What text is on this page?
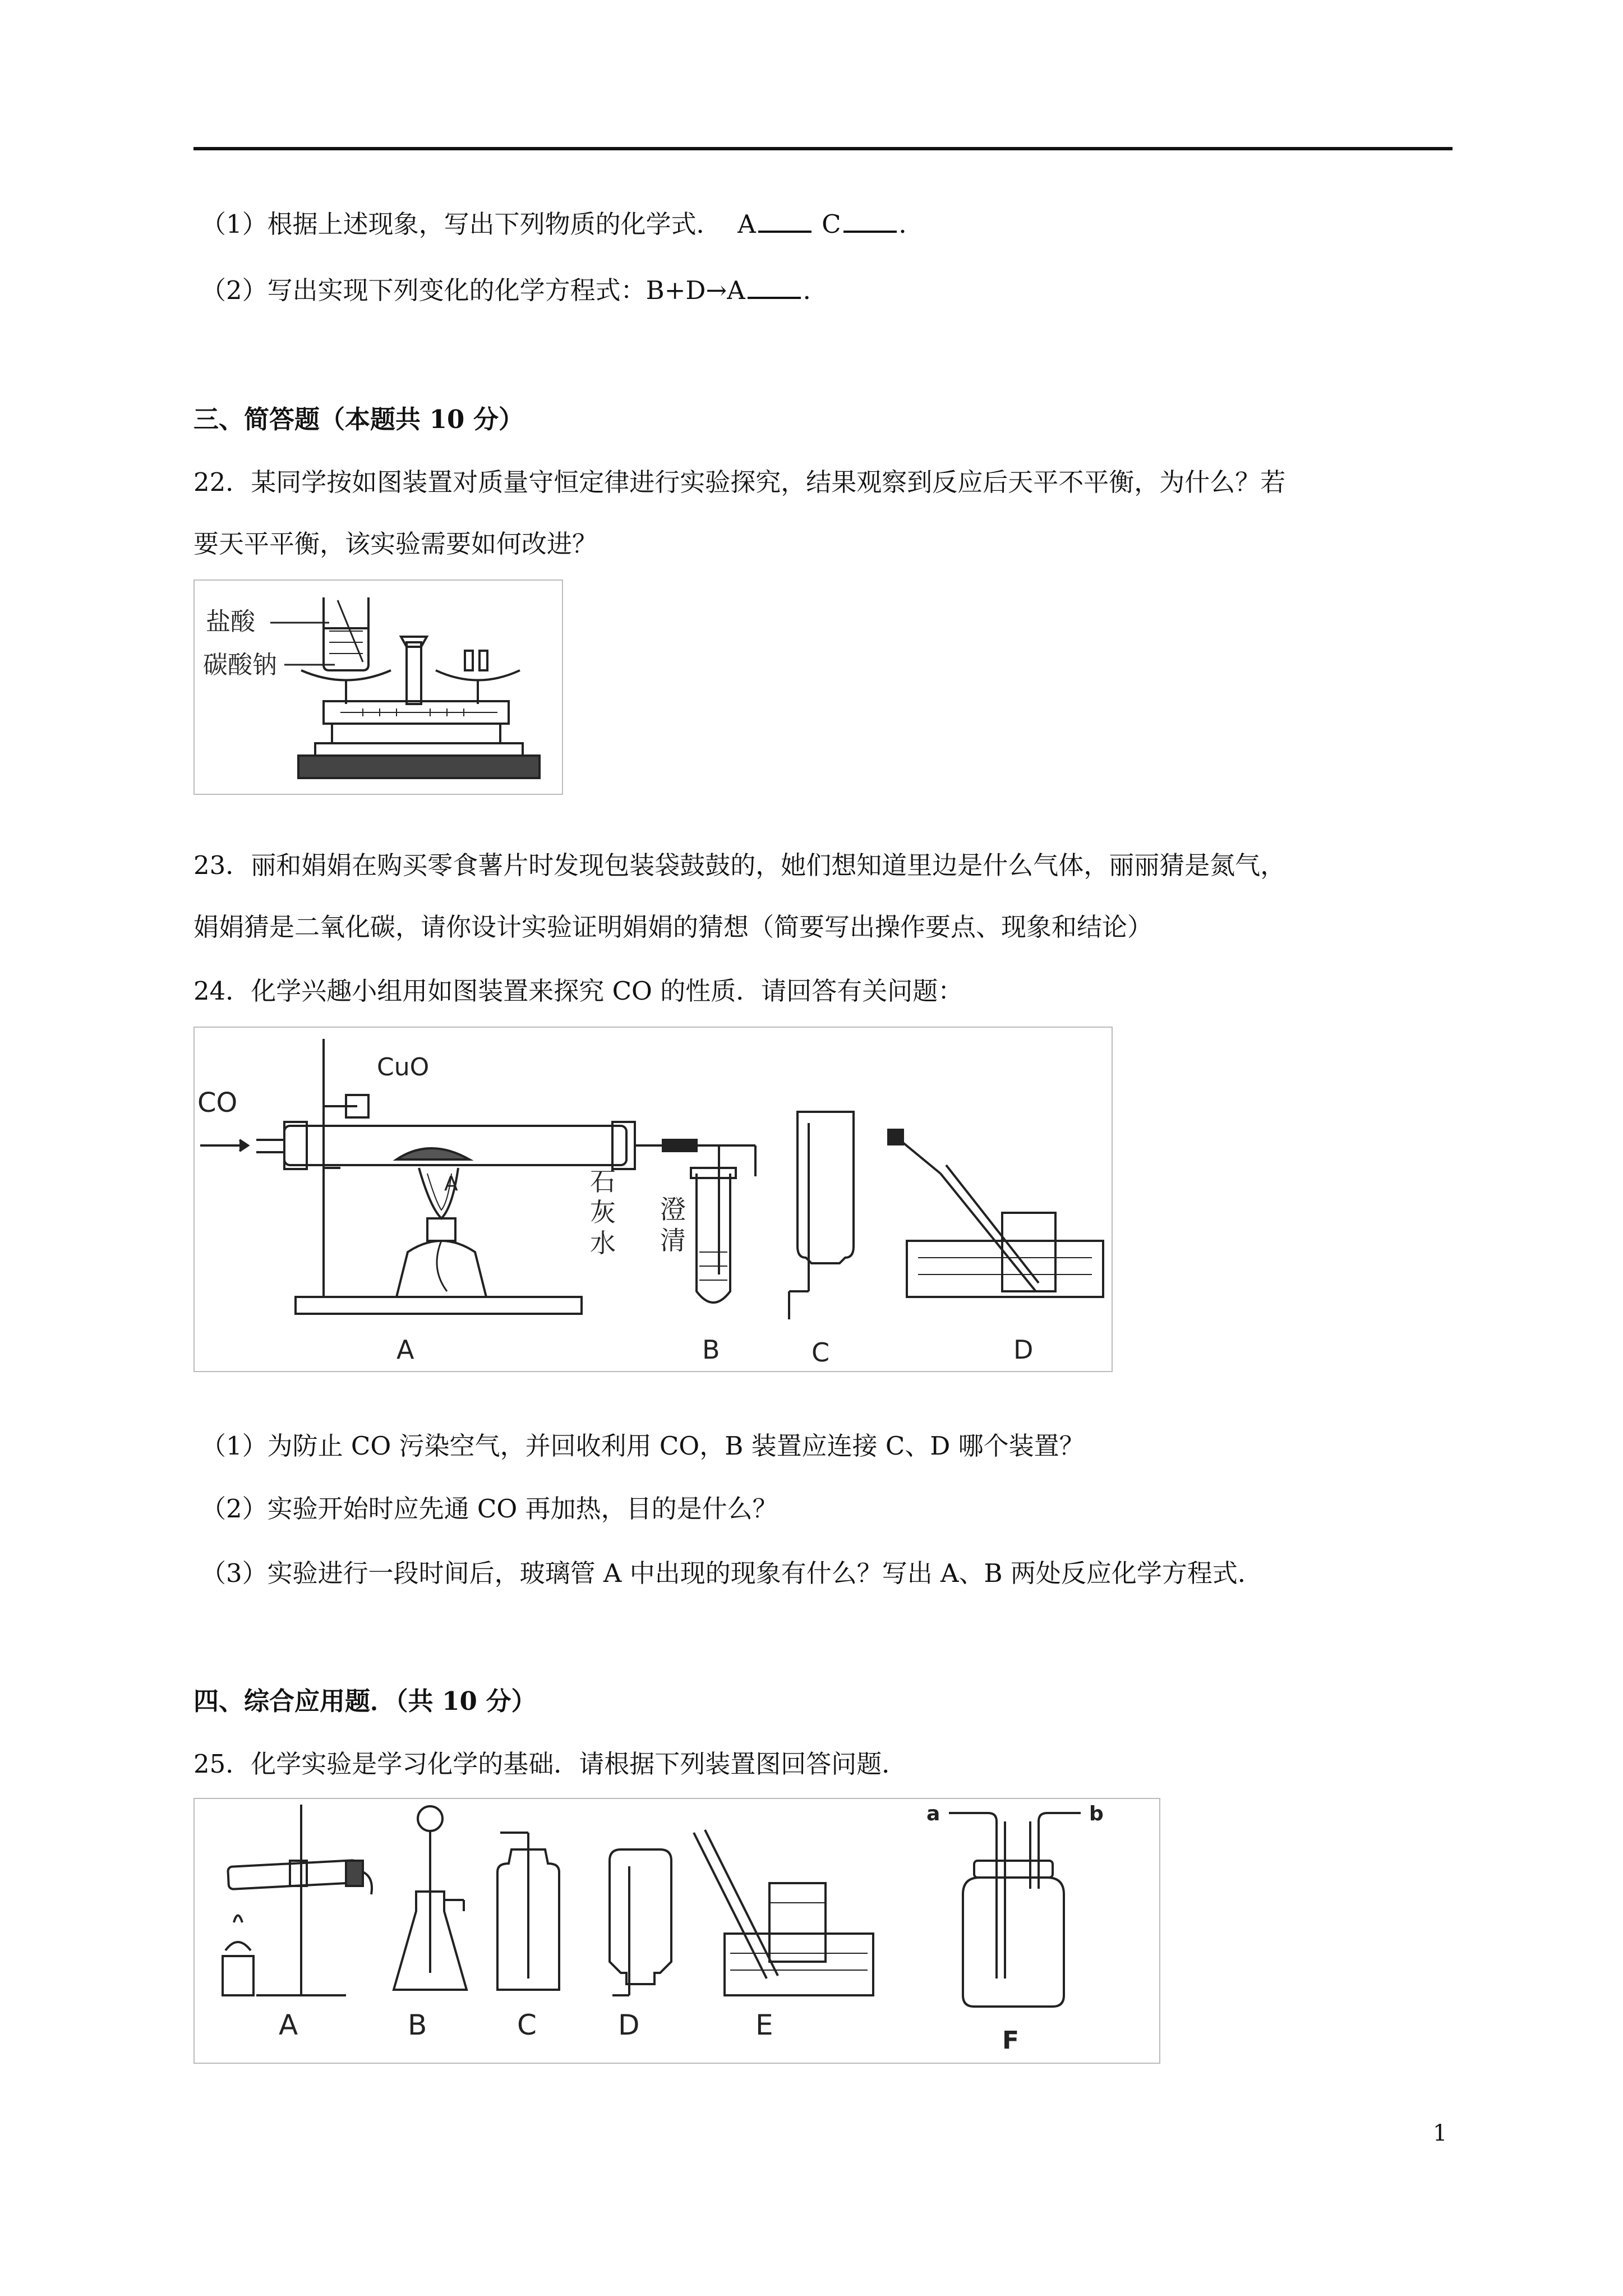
（1）根据上述现象，写出下列物质的化学式． A	C ．
（2）写出实现下列变化的化学方程式：B+D→A ．
三、简答题（本题共 10 分）
22．某同学按如图装置对质量守恒定律进行实验探究，结果观察到反应后天平不平衡，为什么？若
要天平平衡，该实验需要如何改进？
盐酸
碳酸钠
23．丽和娟娟在购买零食薯片时发现包装袋鼓鼓的，她们想知道里边是什么气体，丽丽猜是氮气，
娟娟猜是二氧化碳，请你设计实验证明娟娟的猜想（简要写出操作要点、现象和结论）
24．化学兴趣小组用如图装置来探究 CO 的性质．请回答有关问题：
CO
CuO
A
澄
清
石
灰
水
A	B	C	D
（1）为防止 CO 污染空气，并回收利用 CO，B 装置应连接 C、D 哪个装置？
（2）实验开始时应先通 CO 再加热，目的是什么？
（3）实验进行一段时间后，玻璃管 A 中出现的现象有什么？写出 A、B 两处反应化学方程式．
四、综合应用题．（共 10 分）
25．化学实验是学习化学的基础．请根据下列装置图回答问题．
a	b
A	B	C	D	E	F
1
